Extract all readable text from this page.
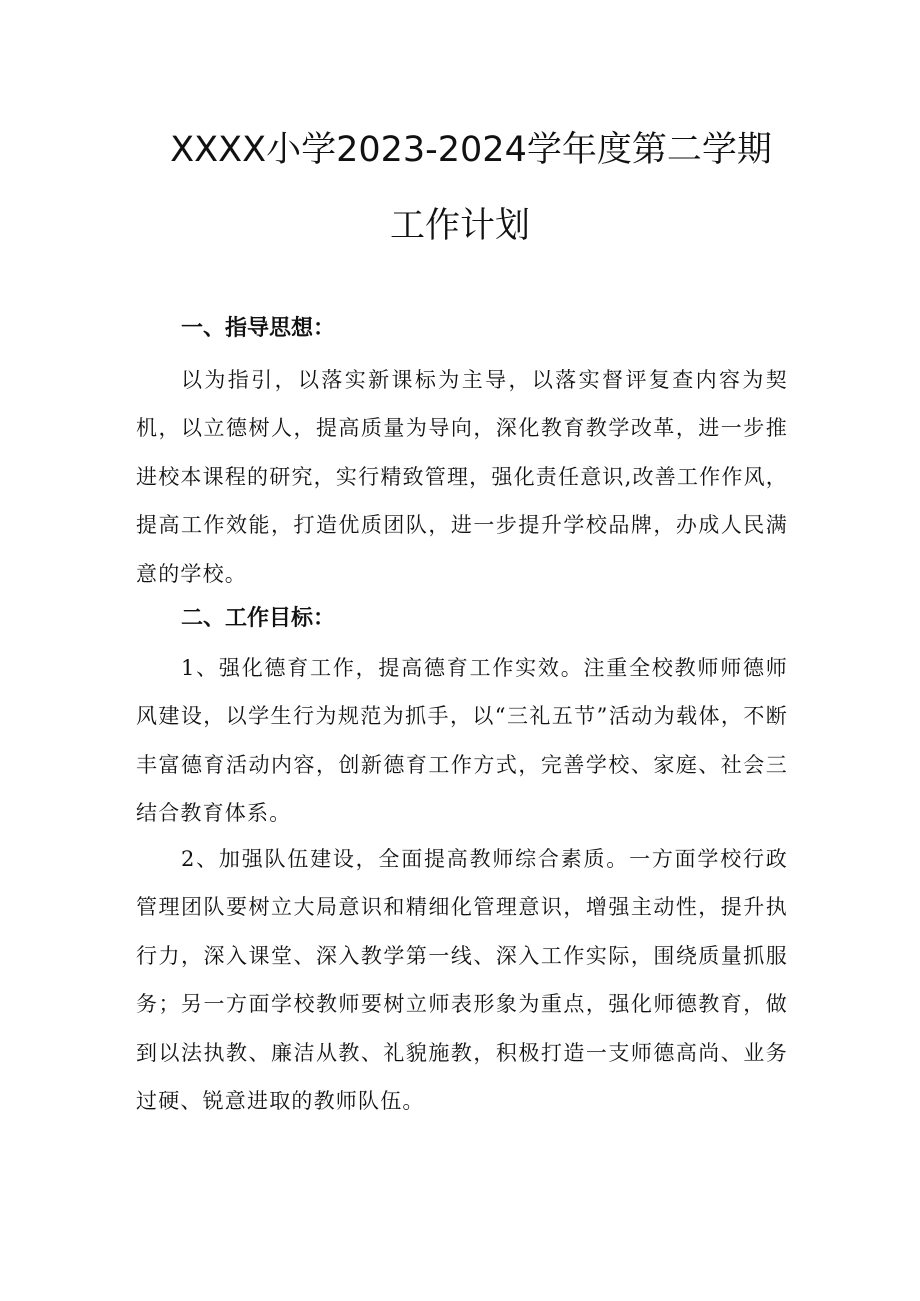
XXXX小学2023-2024学年度第二学期
工作计划
一、指导思想：

以为指引，以落实新课标为主导，以落实督评复查内容为契机，以立德树人，提高质量为导向，深化教育教学改革，进一步推进校本课程的研究，实行精致管理，强化责任意识,改善工作作风，提高工作效能，打造优质团队，进一步提升学校品牌，办成人民满意的学校。

二、工作目标：

1、强化德育工作，提高德育工作实效。注重全校教师师德师风建设，以学生行为规范为抓手，以“三礼五节”活动为载体，不断丰富德育活动内容，创新德育工作方式，完善学校、家庭、社会三结合教育体系。

2、加强队伍建设，全面提高教师综合素质。一方面学校行政管理团队要树立大局意识和精细化管理意识，增强主动性，提升执行力，深入课堂、深入教学第一线、深入工作实际，围绕质量抓服务；另一方面学校教师要树立师表形象为重点，强化师德教育，做到以法执教、廉洁从教、礼貌施教，积极打造一支师德高尚、业务过硬、锐意进取的教师队伍。
